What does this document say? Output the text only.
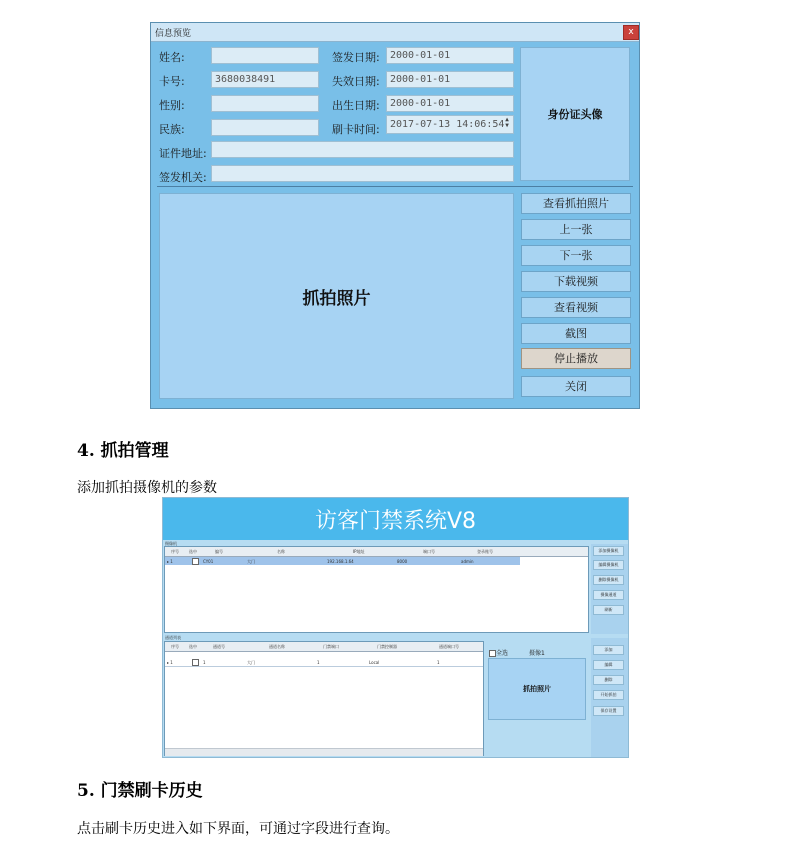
信息预览	x
姓名:
卡号:	3680038491
性别:
民族:
签发日期:	2000-01-01
失效日期:	2000-01-01
出生日期:	2000-01-01
刷卡时间:	2017-07-13 14:06:54 ▲
▼
证件地址:
签发机关:
身份证头像
抓拍照片
查看抓拍照片
上一张
下一张
下载视频
查看视频
截图
停止播放
关闭
4. 抓拍管理
添加抓拍摄像机的参数
访客门禁系统V8
摄像机
序号	选中	编号	名称	IP地址	端口号	登录账号
▸ 1	CY01	大门	192.168.1.64	8000	admin
添加摄像机
编辑摄像机
删除摄像机
摄像通道
刷新
通道列表
序号	选中	通道号	通道名称	门禁端口	门禁控制器	通道端口号
▸ 1	1	大门	1	Local	1
全选	摄像1
抓拍照片
添加
编辑
删除
开始抓拍
保存设置
5. 门禁刷卡历史
点击刷卡历史进入如下界面，可通过字段进行查询。
